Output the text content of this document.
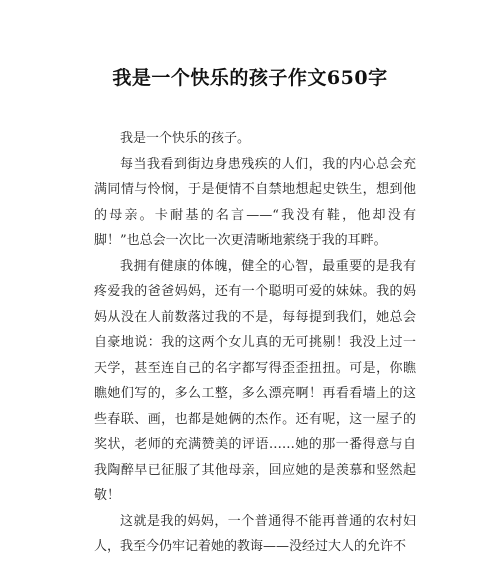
我是一个快乐的孩子作文650字

我是一个快乐的孩子。

每当我看到街边身患残疾的人们，我的内心总会充满同情与怜悯，于是便情不自禁地想起史铁生，想到他的母亲。卡耐基的名言——“我没有鞋，他却没有脚！”也总会一次比一次更清晰地萦绕于我的耳畔。

我拥有健康的体魄，健全的心智，最重要的是我有疼爱我的爸爸妈妈，还有一个聪明可爱的妹妹。我的妈妈从没在人前数落过我的不是，每每提到我们，她总会自豪地说：我的这两个女儿真的无可挑剔！我没上过一天学，甚至连自己的名字都写得歪歪扭扭。可是，你瞧瞧她们写的，多么工整，多么漂亮啊！再看看墙上的这些春联、画，也都是她俩的杰作。还有呢，这一屋子的奖状，老师的充满赞美的评语……她的那一番得意与自我陶醉早已征服了其他母亲，回应她的是羡慕和竖然起敬！

这就是我的妈妈，一个普通得不能再普通的农村妇人，我至今仍牢记着她的教诲——没经过大人的允许不
